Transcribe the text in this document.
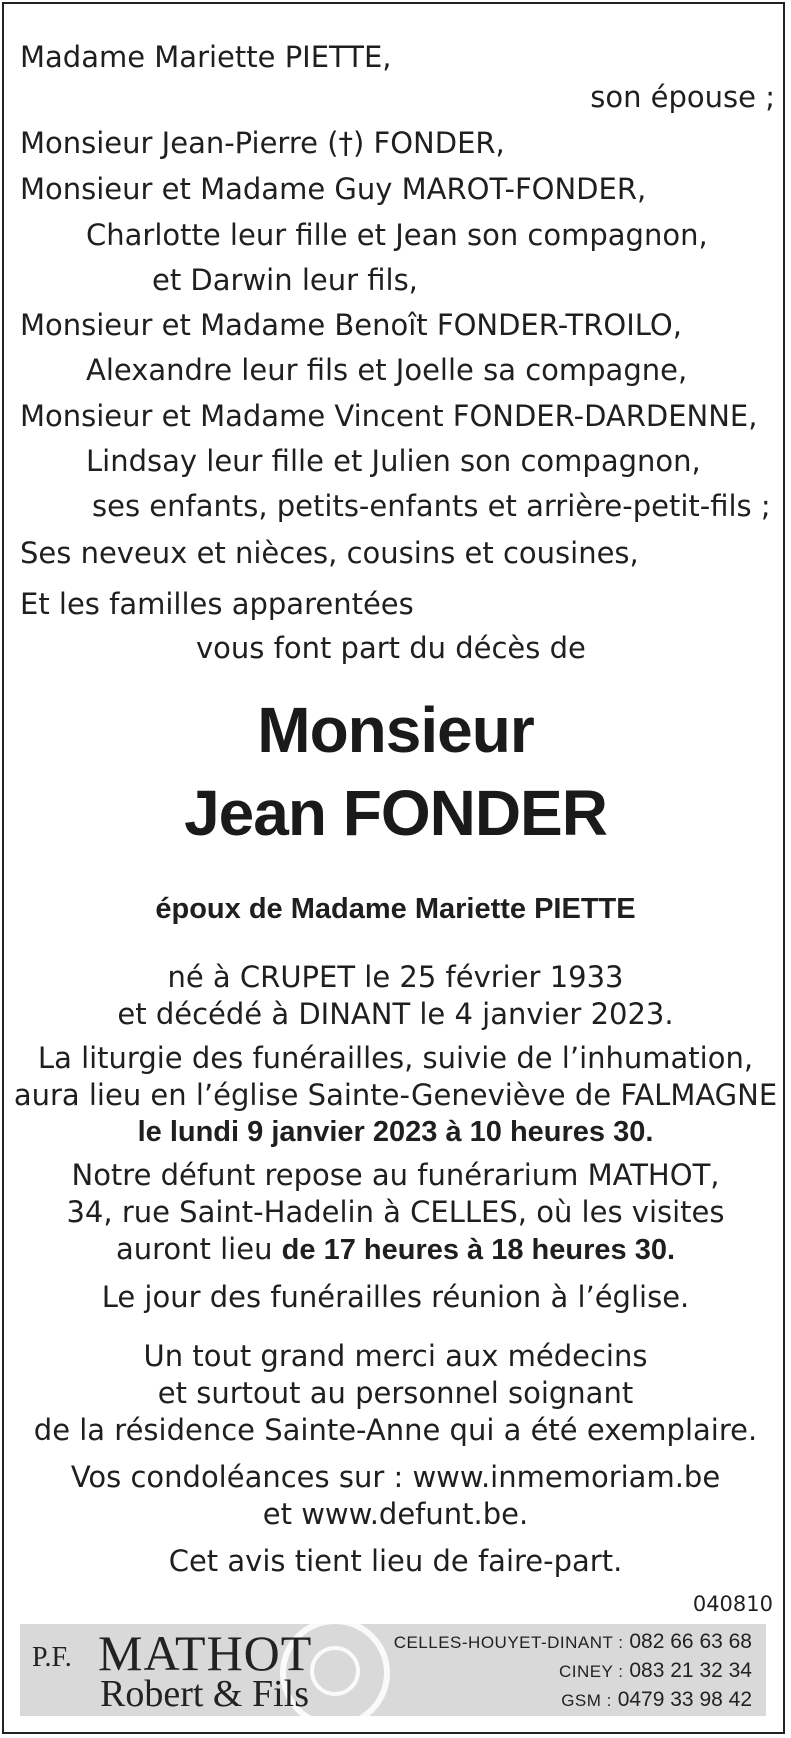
Madame Mariette PIETTE,
son épouse ;
Monsieur Jean-Pierre (†) FONDER,
Monsieur et Madame Guy MAROT-FONDER,
Charlotte leur fille et Jean son compagnon,
et Darwin leur fils,
Monsieur et Madame Benoît FONDER-TROILO,
Alexandre leur fils et Joelle sa compagne,
Monsieur et Madame Vincent FONDER-DARDENNE,
Lindsay leur fille et Julien son compagnon,
ses enfants, petits-enfants et arrière-petit-fils ;
Ses neveux et nièces, cousins et cousines,
Et les familles apparentées
vous font part du décès de
Monsieur
Jean FONDER
époux de Madame Mariette PIETTE
né à CRUPET le 25 février 1933
et décédé à DINANT le 4 janvier 2023.
La liturgie des funérailles, suivie de l’inhumation,
aura lieu en l’église Sainte-Geneviève de FALMAGNE
le lundi 9 janvier 2023 à 10 heures 30.
Notre défunt repose au funérarium MATHOT,
34, rue Saint-Hadelin à CELLES, où les visites
auront lieu de 17 heures à 18 heures 30.
Le jour des funérailles réunion à l’église.
Un tout grand merci aux médecins
et surtout au personnel soignant
de la résidence Sainte-Anne qui a été exemplaire.
Vos condoléances sur : www.inmemoriam.be
et www.defunt.be.
Cet avis tient lieu de faire-part.
040810
P.F. MATHOT
Robert & Fils
CELLES-HOUYET-DINANT : 082 66 63 68
CINEY : 083 21 32 34
GSM : 0479 33 98 42
